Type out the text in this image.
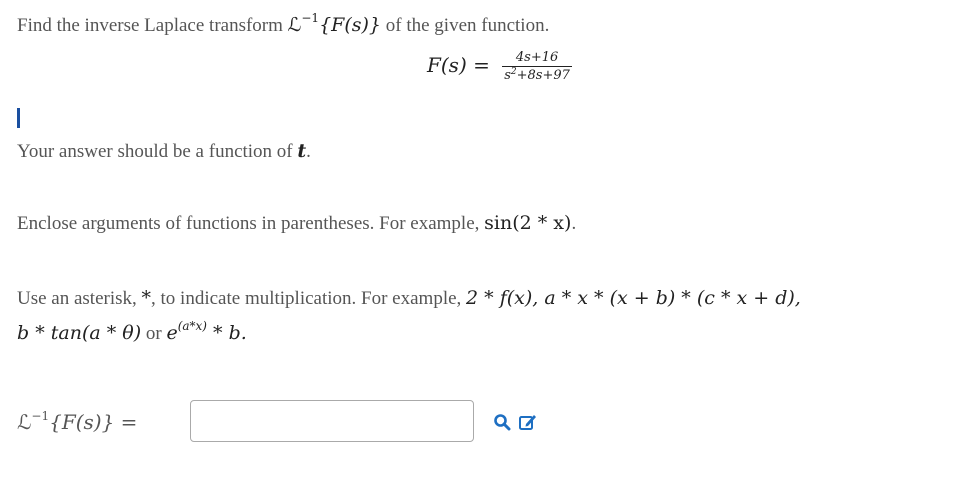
Find the inverse Laplace transform ℒ$^{-1}${F(s)} of the given function.
$F(s) = \frac{4s+16}{s^2+8s+97}$
Your answer should be a function of t.
Enclose arguments of functions in parentheses. For example, sin(2 * x).
Use an asterisk, *, to indicate multiplication. For example, 2 * f(x), a * x * (x + b) * (c * x + d),
b * tan(a * θ) or $e^{(a*x)}$ * b.
ℒ$^{-1}${F(s)} =
